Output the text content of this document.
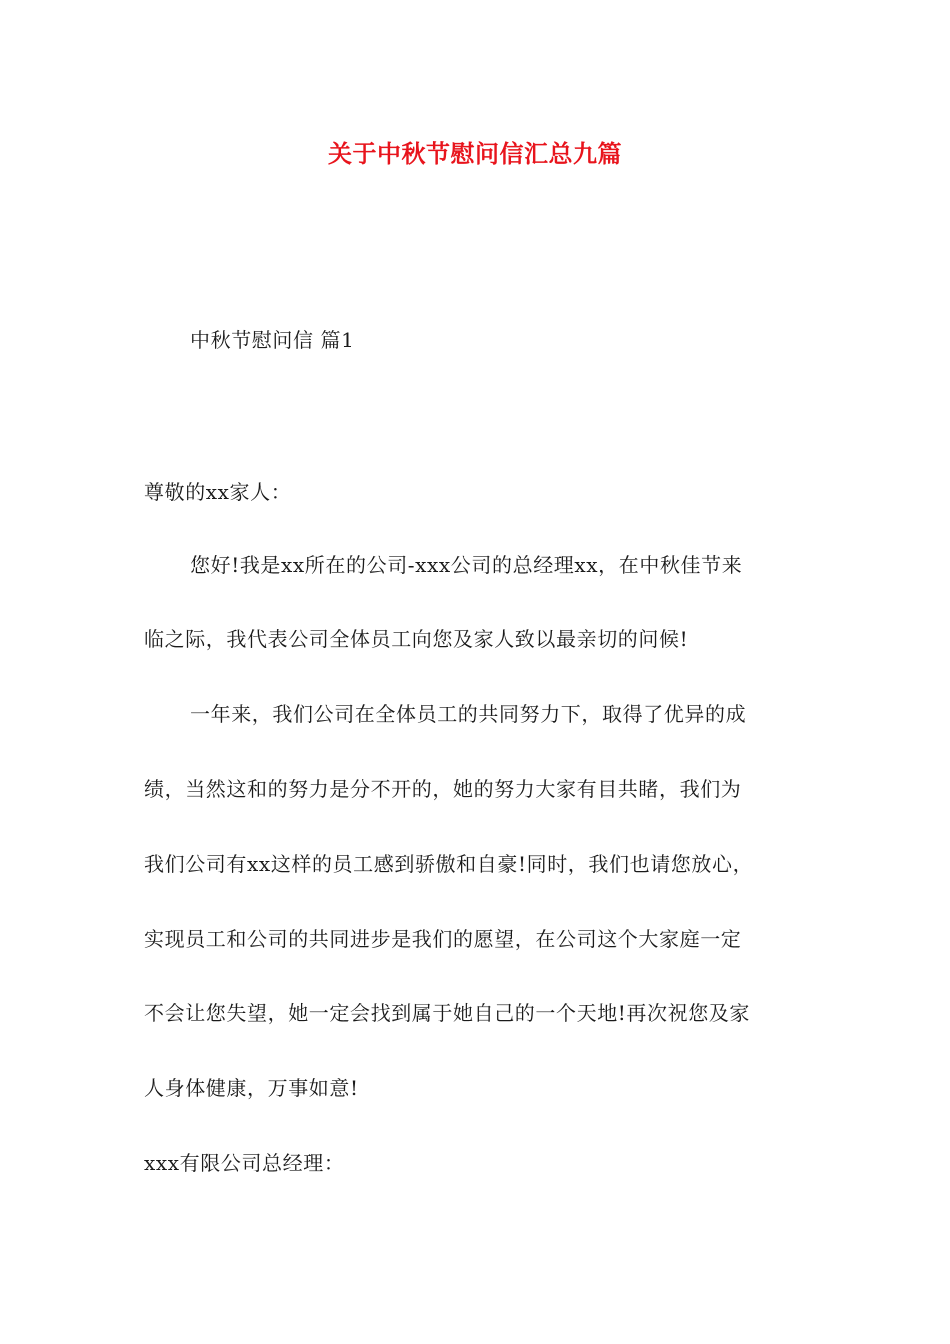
关于中秋节慰问信汇总九篇
中秋节慰问信 篇1
尊敬的xx家人：
您好!我是xx所在的公司-xxx公司的总经理xx，在中秋佳节来
临之际，我代表公司全体员工向您及家人致以最亲切的问候!
一年来，我们公司在全体员工的共同努力下，取得了优异的成
绩，当然这和的努力是分不开的，她的努力大家有目共睹，我们为
我们公司有xx这样的员工感到骄傲和自豪!同时，我们也请您放心，
实现员工和公司的共同进步是我们的愿望，在公司这个大家庭一定
不会让您失望，她一定会找到属于她自己的一个天地!再次祝您及家
人身体健康，万事如意!
xxx有限公司总经理：
